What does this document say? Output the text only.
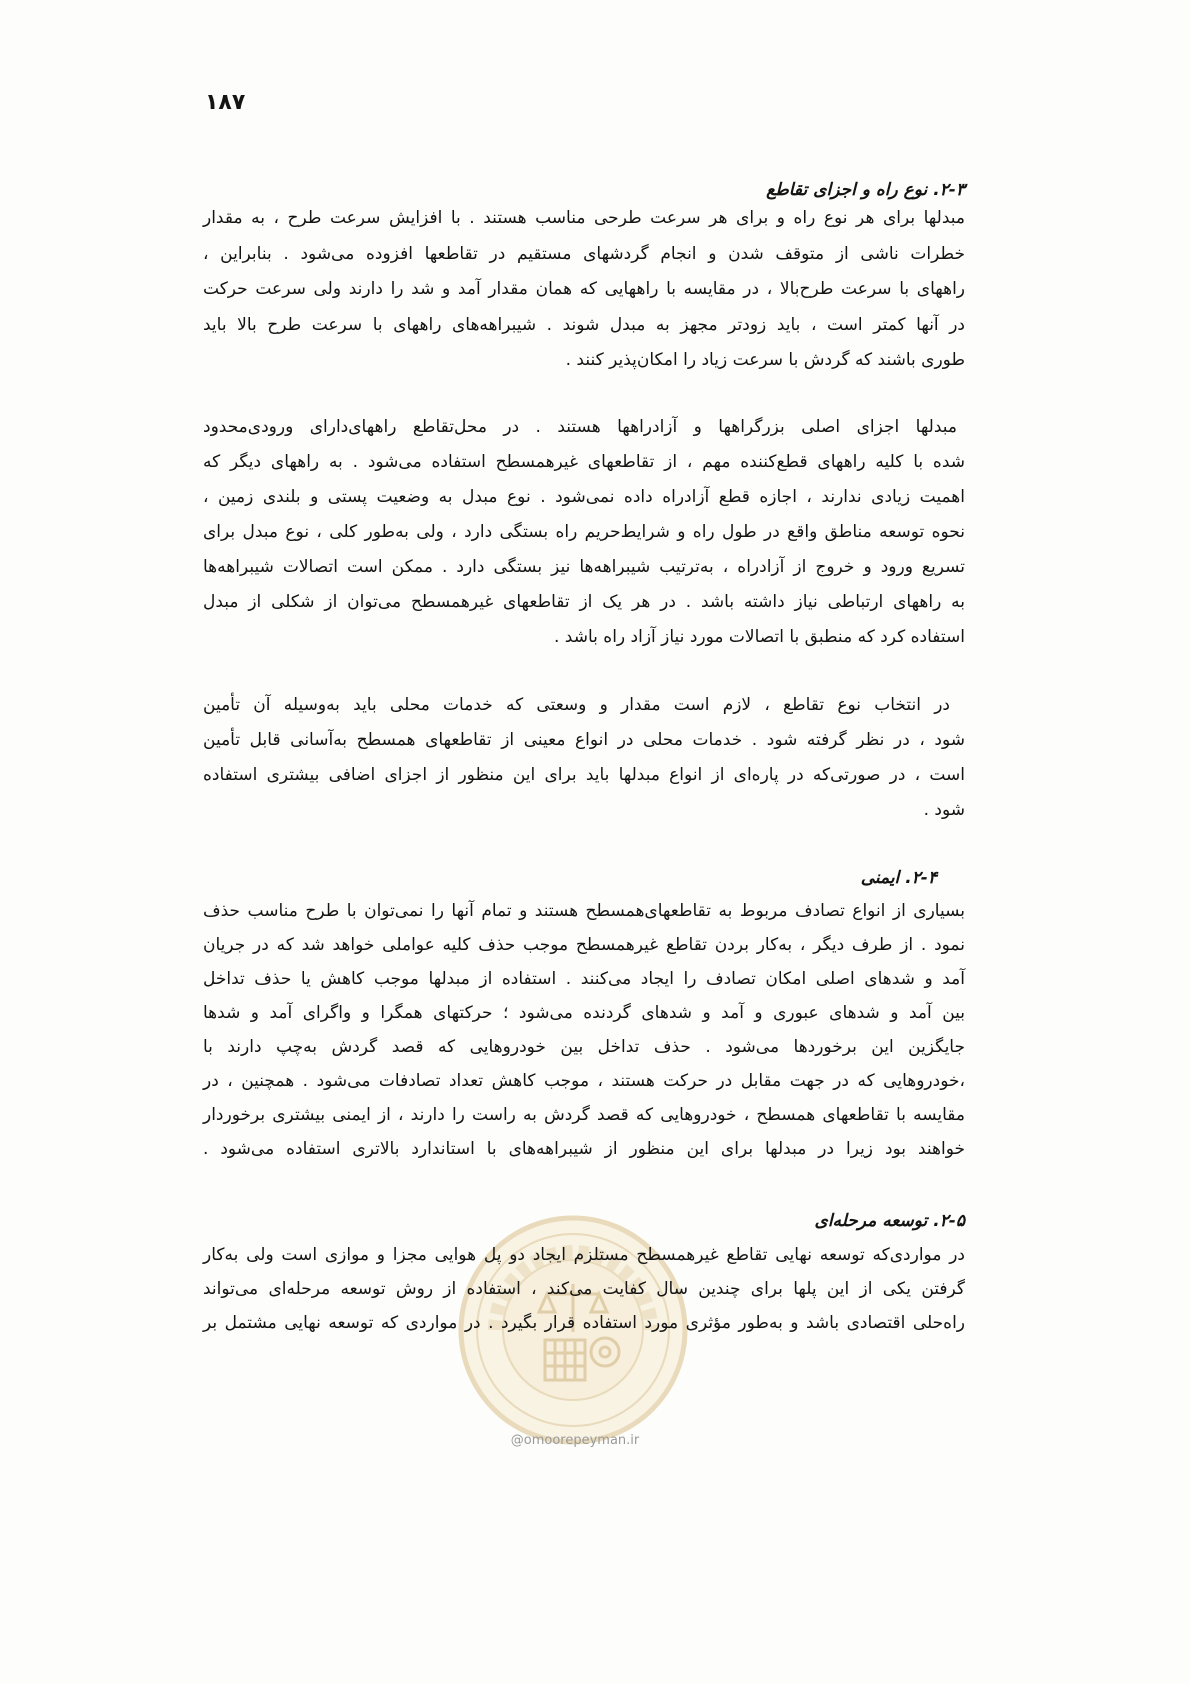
۱۸۷
۲-۳. نوع راه و اجزای تقاطع
مبدلها برای هر نوع راه و برای هر سرعت طرحی مناسب هستند . با افزایش سرعت طرح ، به مقدار
خطرات ناشی از متوقف شدن و انجام گردشهای مستقیم در تقاطعها افزوده می‌شود . بنابراین ،
راههای با سرعت طرح‌بالا ، در مقایسه با راههایی که همان مقدار آمد و شد را دارند ولی سرعت حرکت
در آنها کمتر است ، باید زودتر مجهز به مبدل شوند . شیبراهه‌های راههای با سرعت طرح بالا باید
طوری باشند که گردش با سرعت زیاد را امکان‌پذیر کنند .
مبدلها اجزای اصلی بزرگراهها و آزادراهها هستند . در محل‌تقاطع راههای‌دارای ورودی‌محدود
شده با کلیه راههای قطع‌کننده مهم ، از تقاطعهای غیرهمسطح استفاده می‌شود . به راههای دیگر که
اهمیت زیادی ندارند ، اجازه قطع آزادراه داده نمی‌شود . نوع مبدل به وضعیت پستی و بلندی زمین ،
نحوه توسعه مناطق واقع در طول راه و شرایط‌حریم راه بستگی دارد ، ولی به‌طور کلی ، نوع مبدل برای
تسریع ورود و خروج از آزادراه ، به‌ترتیب شیبراهه‌ها نیز بستگی دارد . ممکن است اتصالات شیبراهه‌ها
به راههای ارتباطی نیاز داشته باشد . در هر یک از تقاطعهای غیرهمسطح می‌توان از شکلی از مبدل
استفاده کرد که منطبق با اتصالات مورد نیاز آزاد راه باشد .
در انتخاب نوع تقاطع ، لازم است مقدار و وسعتی که خدمات محلی باید به‌وسیله آن تأمین
شود ، در نظر گرفته شود . خدمات محلی در انواع معینی از تقاطعهای همسطح به‌آسانی قابل تأمین
است ، در صورتی‌که در پاره‌ای از انواع مبدلها باید برای این منظور از اجزای اضافی بیشتری استفاده
شود .
۲-۴. ایمنی
بسیاری از انواع تصادف مربوط به تقاطعهای‌همسطح هستند و تمام آنها را نمی‌توان با طرح مناسب حذف
نمود . از طرف دیگر ، به‌کار بردن تقاطع غیرهمسطح موجب حذف کلیه عواملی خواهد شد که در جریان
آمد و شدهای اصلی امکان تصادف را ایجاد می‌کنند . استفاده از مبدلها موجب کاهش یا حذف تداخل
بین آمد و شدهای عبوری و آمد و شدهای گردنده می‌شود ؛ حرکتهای همگرا و واگرای آمد و شدها
جایگزین این برخوردها می‌شود . حذف تداخل بین خودروهایی که قصد گردش به‌چپ دارند با
،خودروهایی که در جهت مقابل در حرکت هستند ، موجب کاهش تعداد تصادفات می‌شود . همچنین ، در
مقایسه با تقاطعهای همسطح ، خودروهایی که قصد گردش به راست را دارند ، از ایمنی بیشتری برخوردار
خواهند بود زیرا در مبدلها برای این منظور از شیبراهه‌های با استاندارد بالاتری استفاده می‌شود .
۲-۵. توسعه مرحله‌ای
در مواردی‌که توسعه نهایی تقاطع غیرهمسطح مستلزم ایجاد دو پل هوایی مجزا و موازی است ولی به‌کار
گرفتن یکی از این پلها برای چندین سال کفایت می‌کند ، استفاده از روش توسعه مرحله‌ای می‌تواند
راه‌حلی اقتصادی باشد و به‌طور مؤثری مورد استفاده قرار بگیرد . در مواردی که توسعه نهایی مشتمل بر
@omoorepeyman.ir
